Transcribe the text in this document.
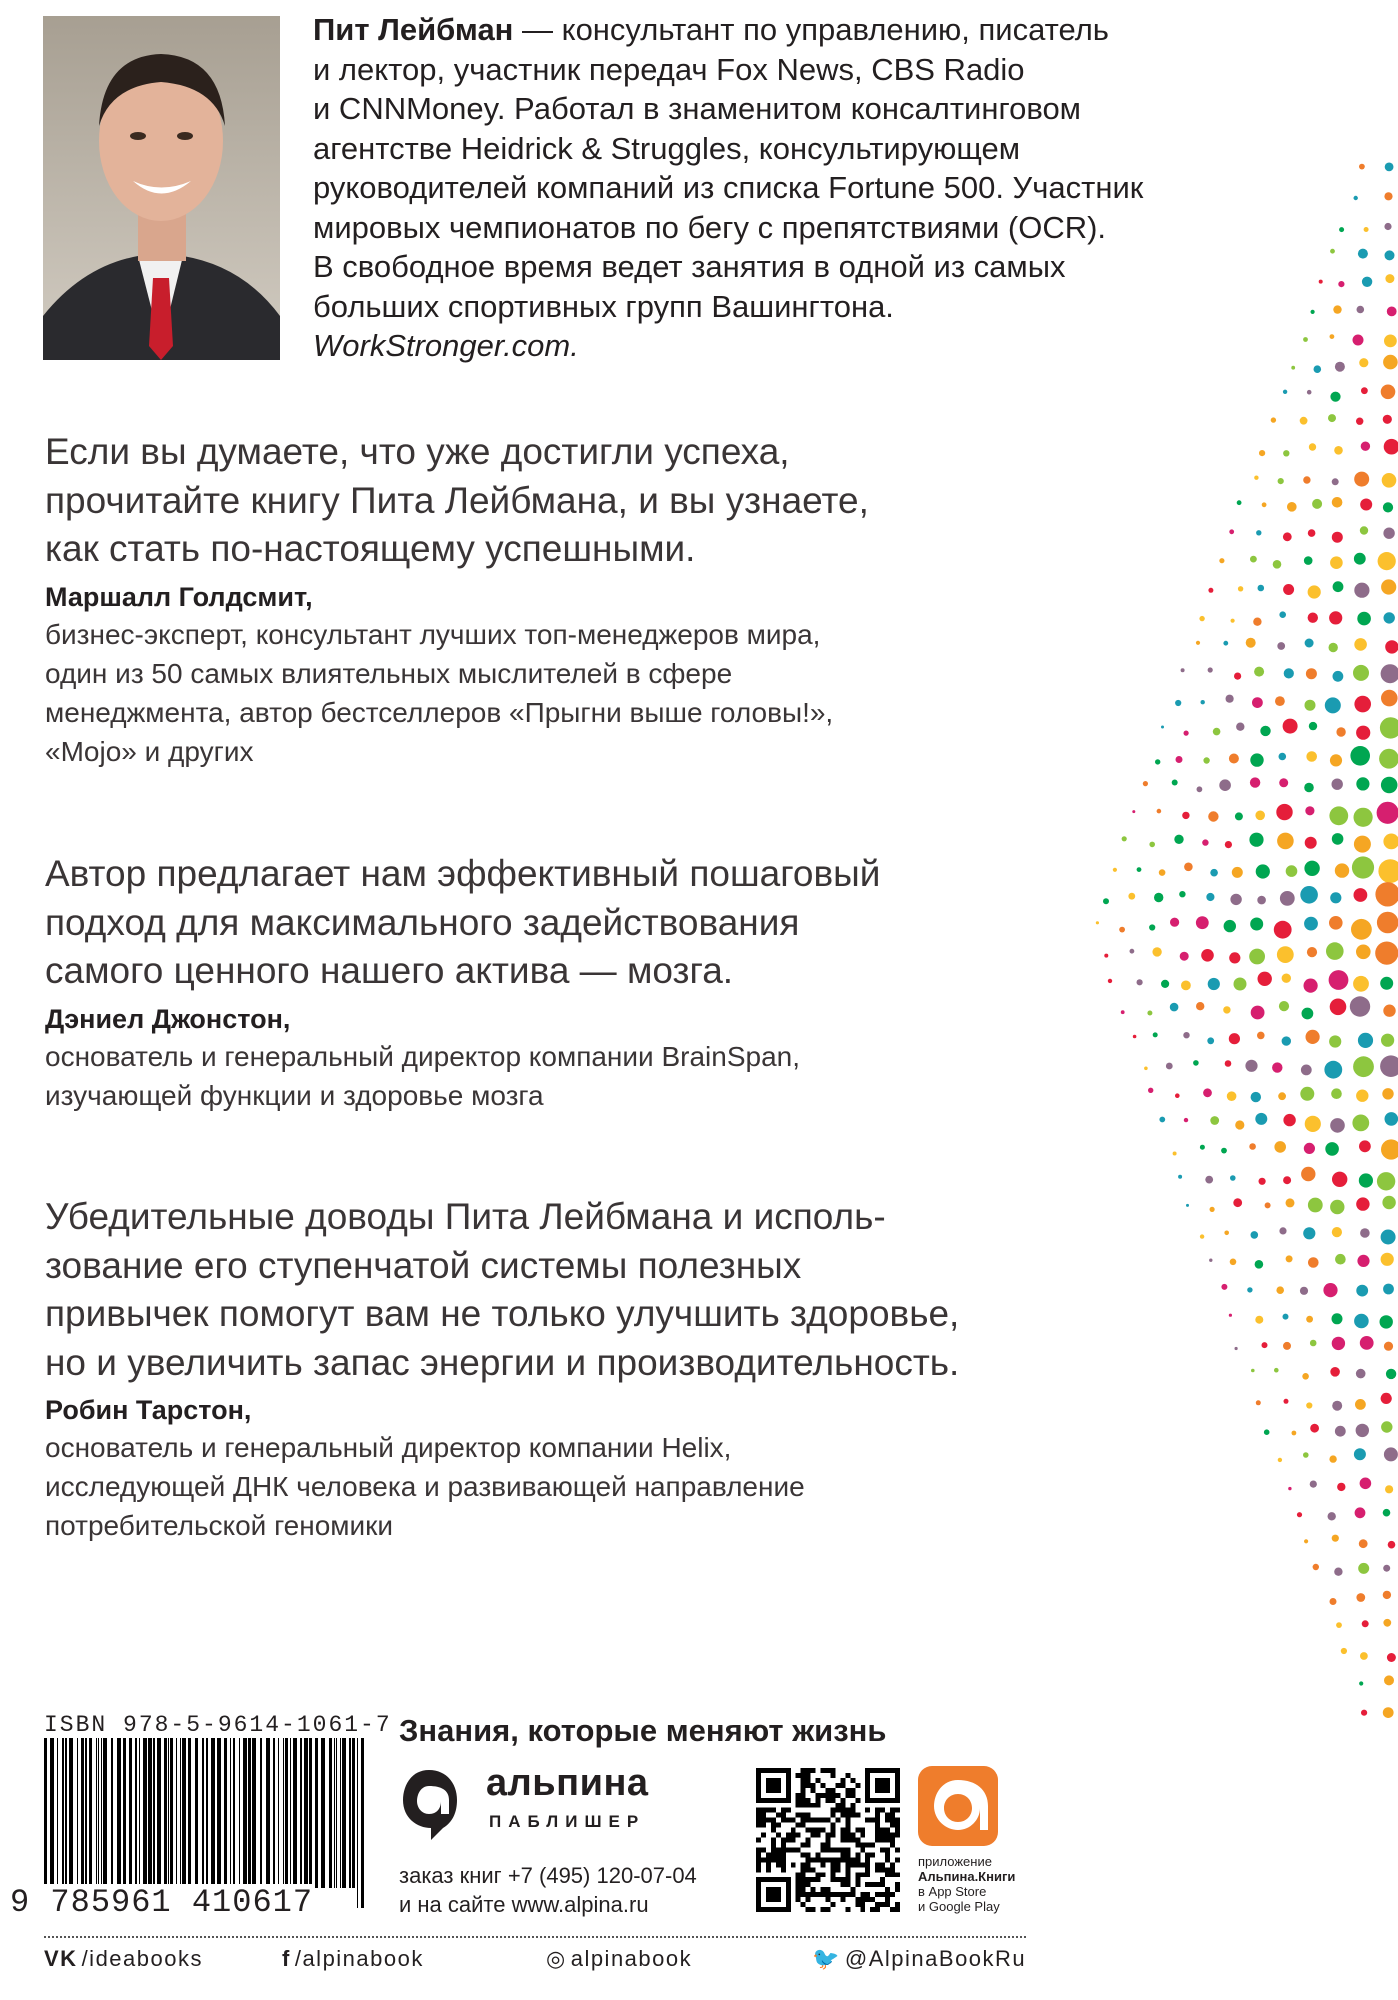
Пит Лейбман — консультант по управлению, писатель
и лектор, участник передач Fox News, CBS Radio
и CNNMoney. Работал в знаменитом консалтинговом
агентстве Heidrick & Struggles, консультирующем
руководителей компаний из списка Fortune 500. Участник
мировых чемпионатов по бегу с препятствиями (OCR).
В свободное время ведет занятия в одной из самых
больших спортивных групп Вашингтона.
WorkStronger.com.
Если вы думаете, что уже достигли успеха,
прочитайте книгу Пита Лейбмана, и вы узнаете,
как стать по-настоящему успешными.
Маршалл Голдсмит,
бизнес-эксперт, консультант лучших топ-менеджеров мира,
один из 50 самых влиятельных мыслителей в сфере
менеджмента, автор бестселлеров «Прыгни выше головы!»,
«Mojo» и других
Автор предлагает нам эффективный пошаговый
подход для максимального задействования
самого ценного нашего актива — мозга.
Дэниел Джонстон,
основатель и генеральный директор компании BrainSpan,
изучающей функции и здоровье мозга
Убедительные доводы Пита Лейбмана и исполь-
зование его ступенчатой системы полезных
привычек помогут вам не только улучшить здоровье,
но и увеличить запас энергии и производительность.
Робин Тарстон,
основатель и генеральный директор компании Helix,
исследующей ДНК человека и развивающей направление
потребительской геномики
ISBN 978-5-9614-1061-7
9 785961 410617
Знания, которые меняют жизнь
альпина
ПАБЛИШЕР
заказ книг +7 (495) 120-07-04
и на сайте www.alpina.ru
приложение
Альпина.Книги
в App Store
и Google Play
VK /ideabooks	f /alpinabook	◎ alpinabook	🐦 @AlpinaBookRu
